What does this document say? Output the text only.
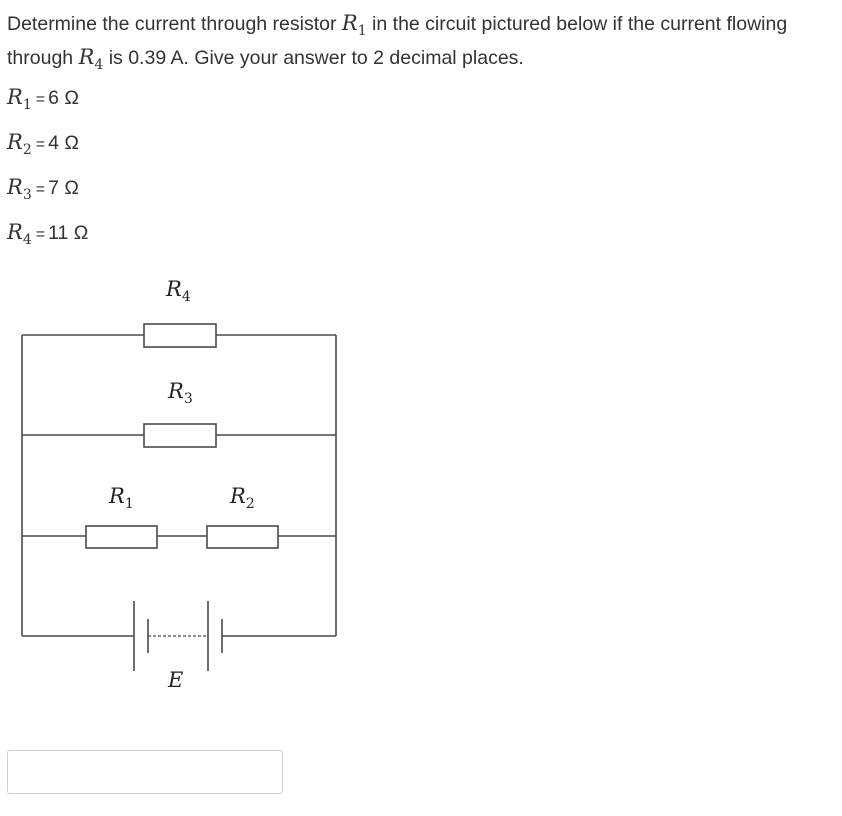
Determine the current through resistor $R_1$ in the circuit pictured below if the current flowing through $R_4$ is 0.39 A. Give your answer to 2 decimal places.
$R_1 = 6$ Ω
$R_2 = 4$ Ω
$R_3 = 7$ Ω
$R_4 = 11$ Ω
R4
R3
R1	R2
E
